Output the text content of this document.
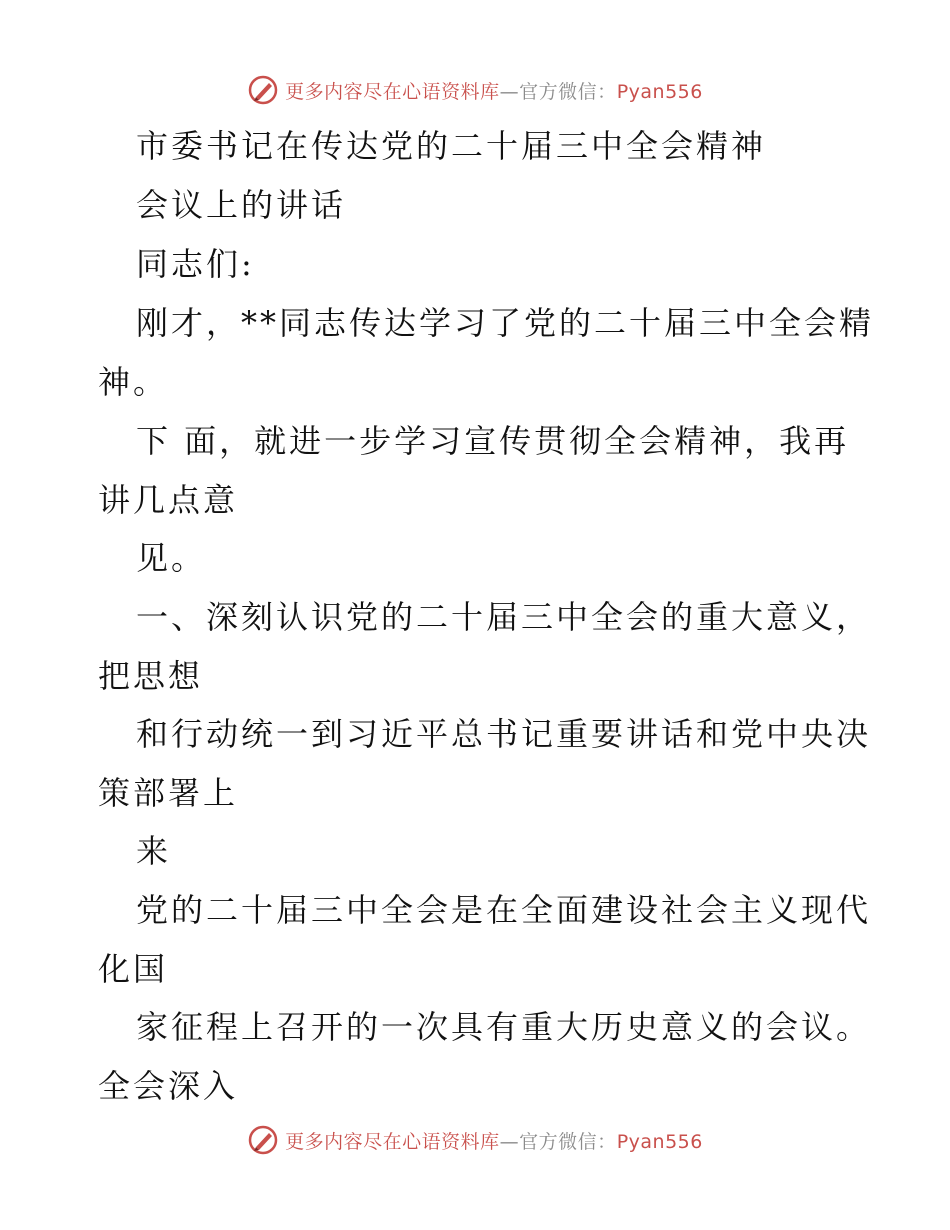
更多内容尽在心语资料库—官方微信：Pyan556
市委书记在传达党的二十届三中全会精神
会议上的讲话
同志们:
刚才，**同志传达学习了党的二十届三中全会精
神。
下 面，就进一步学习宣传贯彻全会精神，我再
讲几点意
见。
一、深刻认识党的二十届三中全会的重大意义，
把思想
和行动统一到习近平总书记重要讲话和党中央决
策部署上
来
党的二十届三中全会是在全面建设社会主义现代
化国
家征程上召开的一次具有重大历史意义的会议。
全会深入
更多内容尽在心语资料库—官方微信：Pyan556
